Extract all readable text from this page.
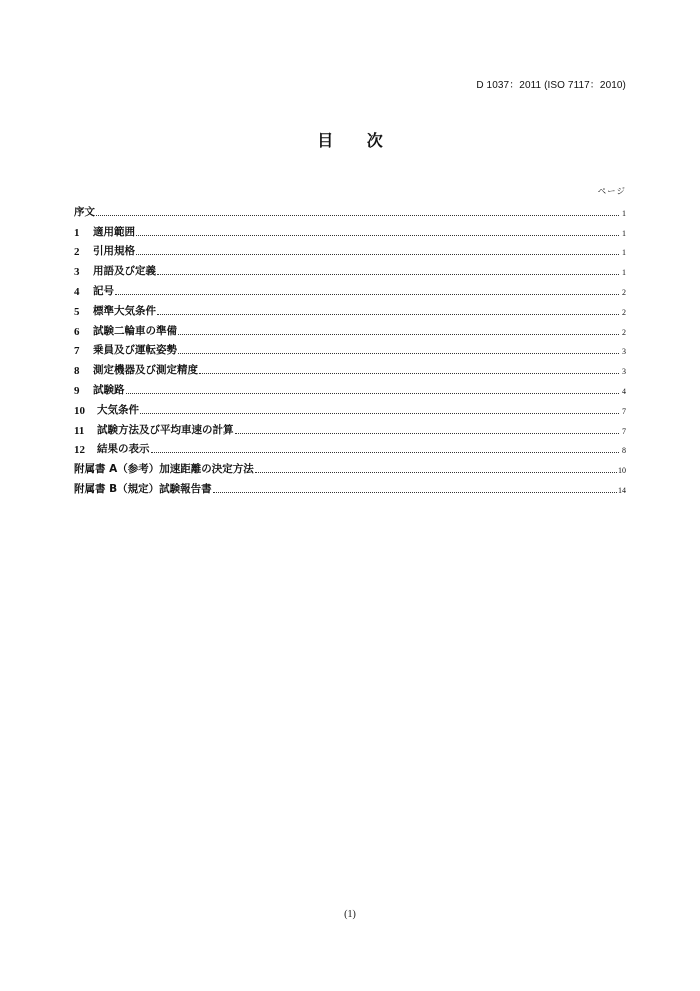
D 1037：2011 (ISO 7117：2010)
目 次
ページ
序文	1
1	適用範囲	1
2	引用規格	1
3	用語及び定義	1
4	記号	2
5	標準大気条件	2
6	試験二輪車の準備	2
7	乗員及び運転姿勢	3
8	測定機器及び測定精度	3
9	試験路	4
10	大気条件	7
11	試験方法及び平均車速の計算	7
12	結果の表示	8
附属書 A（参考）加速距離の決定方法	10
附属書 B（規定）試験報告書	14
(1)
